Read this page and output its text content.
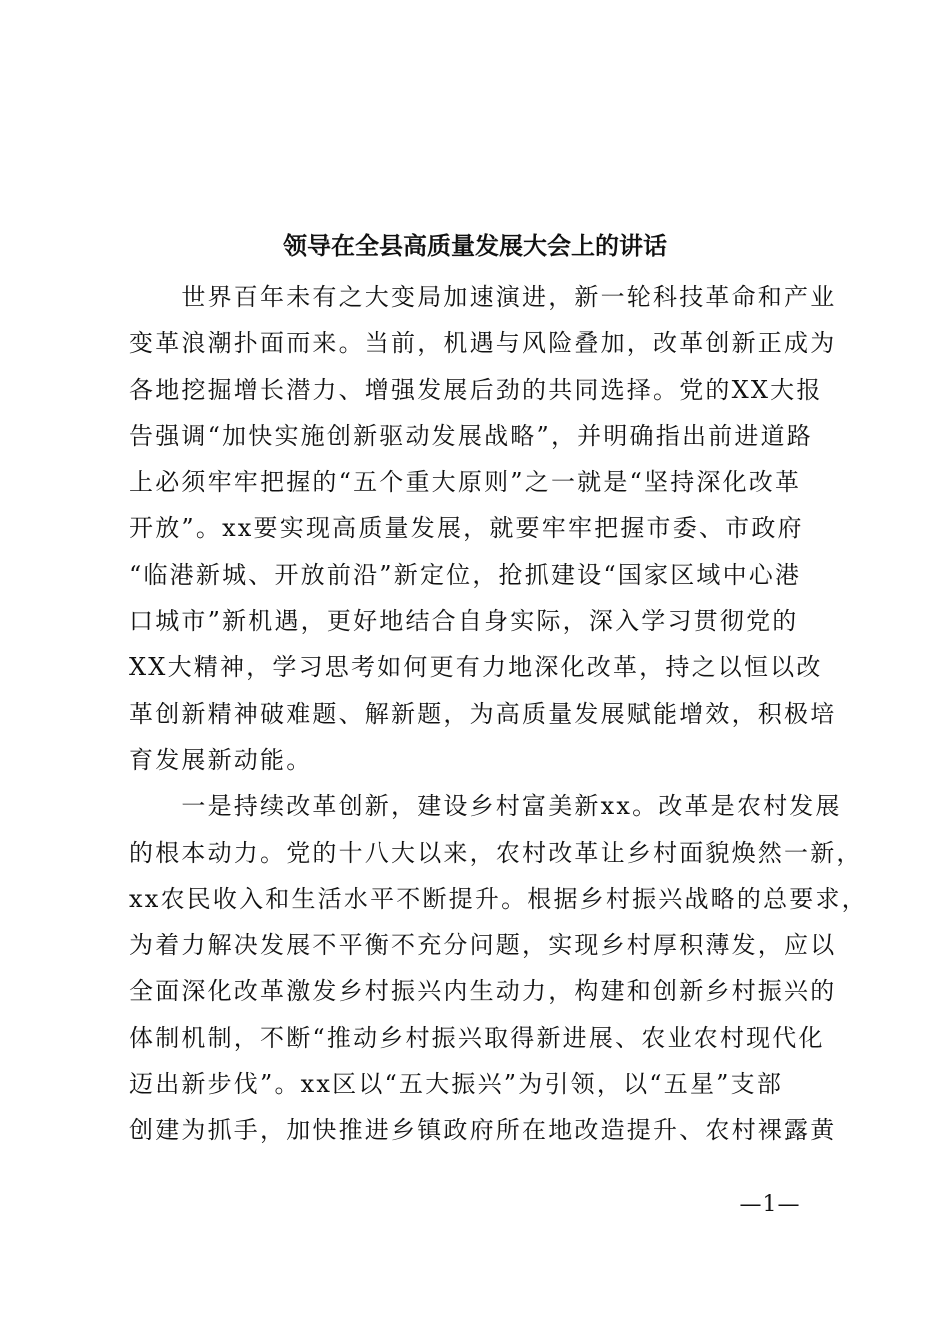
领导在全县高质量发展大会上的讲话

　　世界百年未有之大变局加速演进，新一轮科技革命和产业
变革浪潮扑面而来。当前，机遇与风险叠加，改革创新正成为
各地挖掘增长潜力、增强发展后劲的共同选择。党的XX大报
告强调“加快实施创新驱动发展战略”，并明确指出前进道路
上必须牢牢把握的“五个重大原则”之一就是“坚持深化改革
开放”。xx要实现高质量发展，就要牢牢把握市委、市政府
“临港新城、开放前沿”新定位，抢抓建设“国家区域中心港
口城市”新机遇，更好地结合自身实际，深入学习贯彻党的
XX大精神，学习思考如何更有力地深化改革，持之以恒以改
革创新精神破难题、解新题，为高质量发展赋能增效，积极培
育发展新动能。

　　一是持续改革创新，建设乡村富美新xx。改革是农村发展
的根本动力。党的十八大以来，农村改革让乡村面貌焕然一新，
xx农民收入和生活水平不断提升。根据乡村振兴战略的总要求，
为着力解决发展不平衡不充分问题，实现乡村厚积薄发，应以
全面深化改革激发乡村振兴内生动力，构建和创新乡村振兴的
体制机制，不断“推动乡村振兴取得新进展、农业农村现代化
迈出新步伐”。xx区以“五大振兴”为引领，以“五星”支部
创建为抓手，加快推进乡镇政府所在地改造提升、农村裸露黄

—1—
